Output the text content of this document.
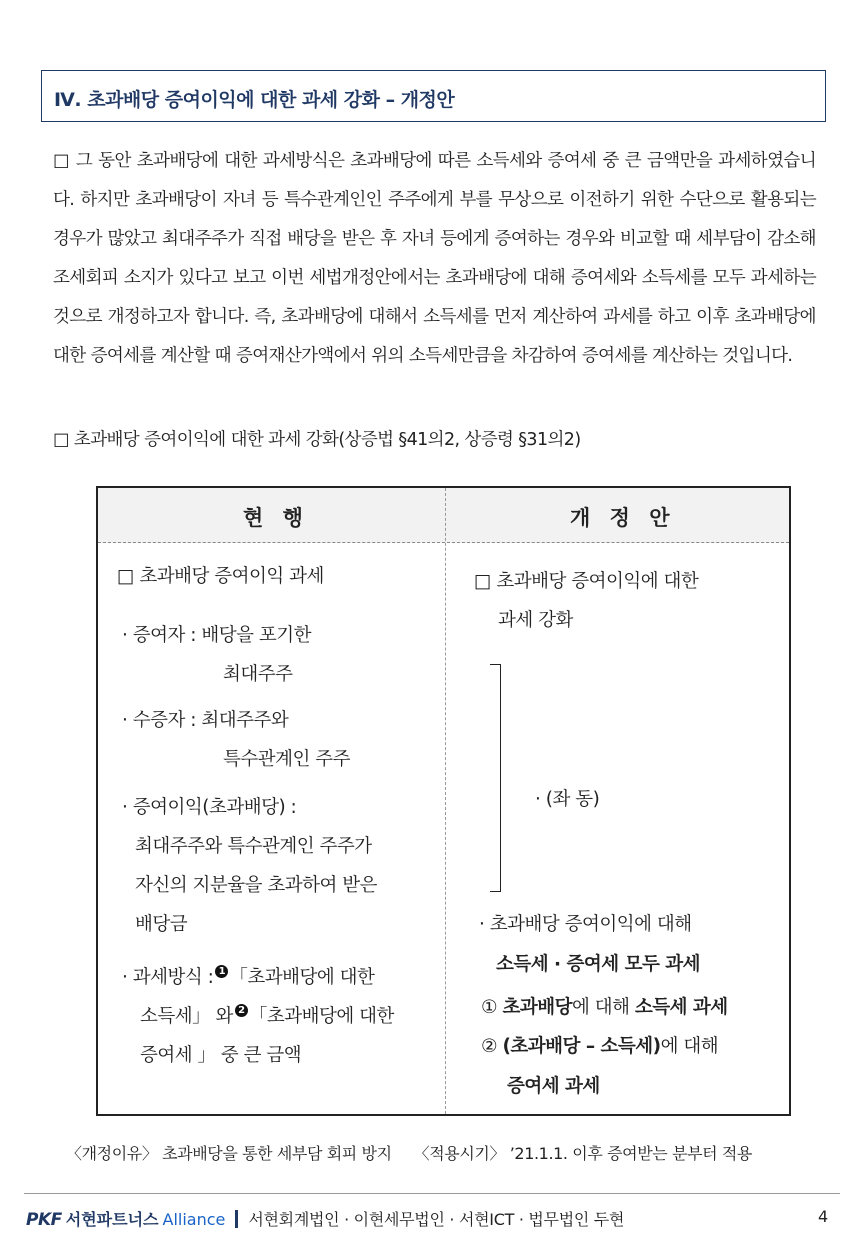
Ⅳ. 초과배당 증여이익에 대한 과세 강화 – 개정안
□ 그 동안 초과배당에 대한 과세방식은 초과배당에 따른 소득세와 증여세 중 큰 금액만을 과세하였습니다. 하지만 초과배당이 자녀 등 특수관계인인 주주에게 부를 무상으로 이전하기 위한 수단으로 활용되는 경우가 많았고 최대주주가 직접 배당을 받은 후 자녀 등에게 증여하는 경우와 비교할 때 세부담이 감소해 조세회피 소지가 있다고 보고 이번 세법개정안에서는 초과배당에 대해 증여세와 소득세를 모두 과세하는 것으로 개정하고자 합니다. 즉, 초과배당에 대해서 소득세를 먼저 계산하여 과세를 하고 이후 초과배당에 대한 증여세를 계산할 때 증여재산가액에서 위의 소득세만큼을 차감하여 증여세를 계산하는 것입니다.
□ 초과배당 증여이익에 대한 과세 강화(상증법 §41의2, 상증령 §31의2)
현 행	개 정 안
□ 초과배당 증여이익 과세
· 증여자 : 배당을 포기한
최대주주
· 수증자 : 최대주주와
특수관계인 주주
· 증여이익(초과배당) :
최대주주와 특수관계인 주주가
자신의 지분율을 초과하여 받은
배당금
· 과세방식 : 1 「초과배당에 대한
소득세」 와 2 「초과배당에 대한
증여세 」 중 큰 금액
□ 초과배당 증여이익에 대한
과세 강화
· (좌 동)
· 초과배당 증여이익에 대해
소득세 · 증여세 모두 과세
① 초과배당에 대해 소득세 과세
② (초과배당 – 소득세)에 대해
증여세 과세
〈개정이유〉 초과배당을 통한 세부담 회피 방지 〈적용시기〉 ’21.1.1. 이후 증여받는 분부터 적용
PKF 서현파트너스 Alliance 서현회계법인 · 이현세무법인 · 서현ICT · 법무법인 두현	4
